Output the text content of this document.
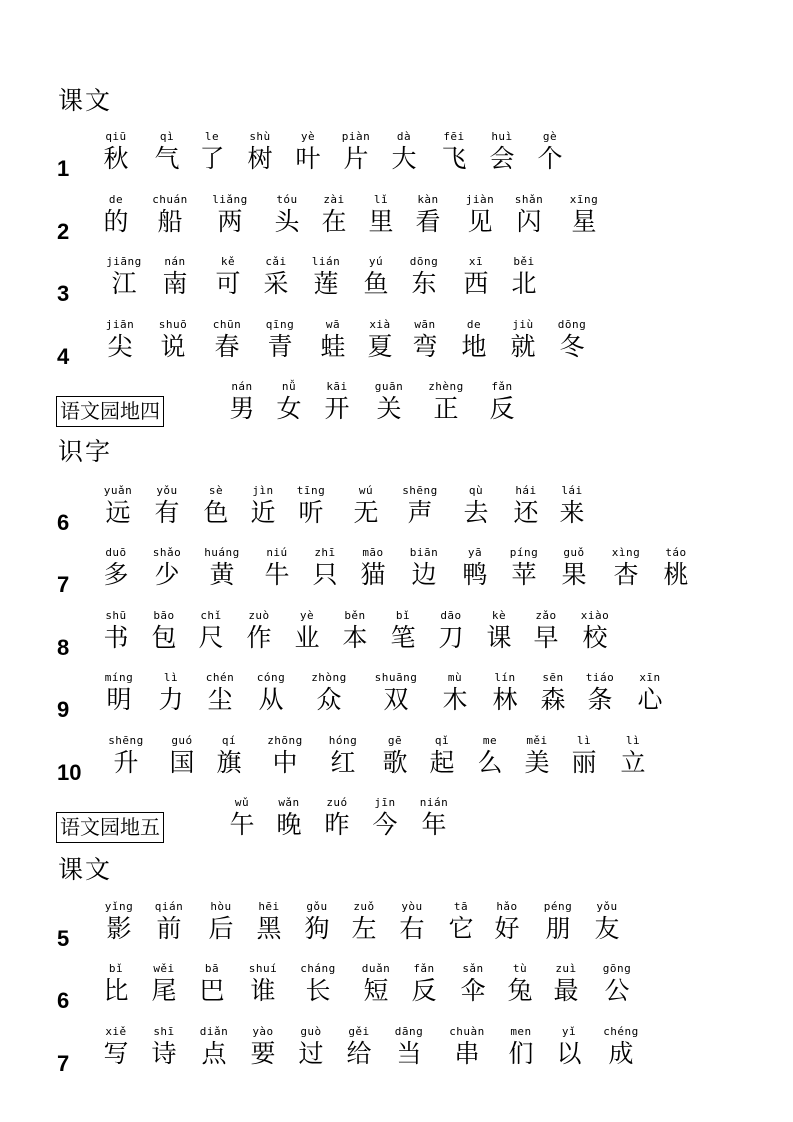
课文
1
qiū
秋
qì
气
le
了
shù
树
yè
叶
piàn
片
dà
大
fēi
飞
huì
会
gè
个
2
de
的
chuán
船
liǎng
两
tóu
头
zài
在
lǐ
里
kàn
看
jiàn
见
shǎn
闪
xīng
星
3
jiāng
江
nán
南
kě
可
cǎi
采
lián
莲
yú
鱼
dōng
东
xī
西
běi
北
4
jiān
尖
shuō
说
chūn
春
qīng
青
wā
蛙
xià
夏
wān
弯
de
地
jiù
就
dōng
冬
语文园地四
nán
男
nǚ
女
kāi
开
guān
关
zhèng
正
fǎn
反
识字
6
yuǎn
远
yǒu
有
sè
色
jìn
近
tīng
听
wú
无
shēng
声
qù
去
hái
还
lái
来
7
duō
多
shǎo
少
huáng
黄
niú
牛
zhī
只
māo
猫
biān
边
yā
鸭
píng
苹
guǒ
果
xìng
杏
táo
桃
8
shū
书
bāo
包
chǐ
尺
zuò
作
yè
业
běn
本
bǐ
笔
dāo
刀
kè
课
zǎo
早
xiào
校
9
míng
明
lì
力
chén
尘
cóng
从
zhòng
众
shuāng
双
mù
木
lín
林
sēn
森
tiáo
条
xīn
心
10
shēng
升
guó
国
qí
旗
zhōng
中
hóng
红
gē
歌
qǐ
起
me
么
měi
美
lì
丽
lì
立
语文园地五
wǔ
午
wǎn
晚
zuó
昨
jīn
今
nián
年
课文
5
yǐng
影
qián
前
hòu
后
hēi
黑
gǒu
狗
zuǒ
左
yòu
右
tā
它
hǎo
好
péng
朋
yǒu
友
6
bǐ
比
wěi
尾
bā
巴
shuí
谁
cháng
长
duǎn
短
fǎn
反
sǎn
伞
tù
兔
zuì
最
gōng
公
7
xiě
写
shī
诗
diǎn
点
yào
要
guò
过
gěi
给
dāng
当
chuàn
串
men
们
yǐ
以
chéng
成
